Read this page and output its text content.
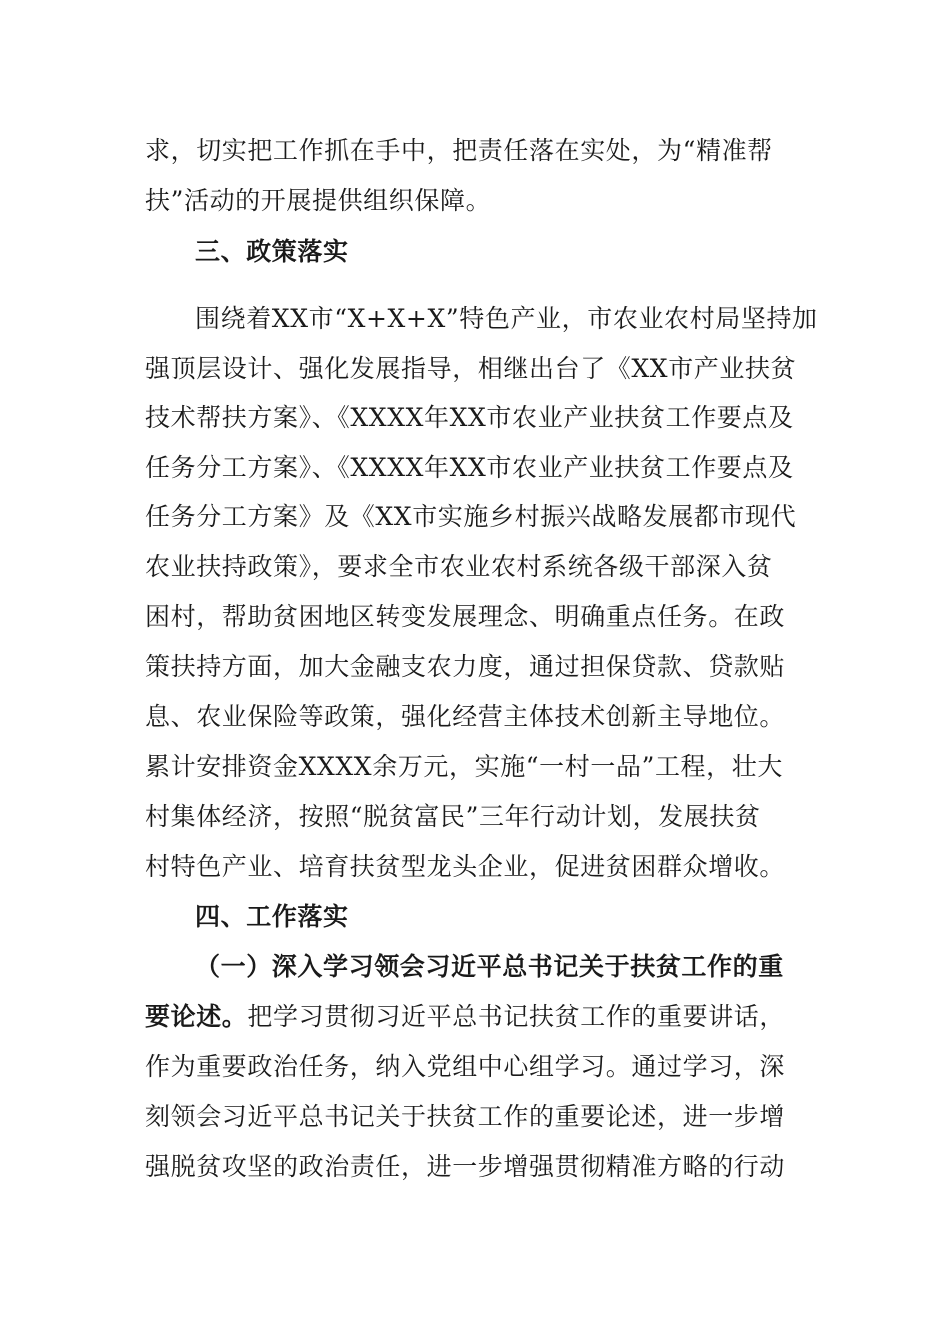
求，切实把工作抓在手中，把责任落在实处，为“精准帮
扶”活动的开展提供组织保障。
三、政策落实
围绕着XX市“X+X+X”特色产业，市农业农村局坚持加
强顶层设计、强化发展指导，相继出台了《XX市产业扶贫
技术帮扶方案》、《XXXX年XX市农业产业扶贫工作要点及
任务分工方案》、《XXXX年XX市农业产业扶贫工作要点及
任务分工方案》及《XX市实施乡村振兴战略发展都市现代
农业扶持政策》，要求全市农业农村系统各级干部深入贫
困村，帮助贫困地区转变发展理念、明确重点任务。在政
策扶持方面，加大金融支农力度，通过担保贷款、贷款贴
息、农业保险等政策，强化经营主体技术创新主导地位。
累计安排资金XXXX余万元，实施“一村一品”工程，壮大
村集体经济，按照“脱贫富民”三年行动计划，发展扶贫
村特色产业、培育扶贫型龙头企业，促进贫困群众增收。
四、工作落实
（一）深入学习领会习近平总书记关于扶贫工作的重
要论述。把学习贯彻习近平总书记扶贫工作的重要讲话，
作为重要政治任务，纳入党组中心组学习。通过学习，深
刻领会习近平总书记关于扶贫工作的重要论述，进一步增
强脱贫攻坚的政治责任，进一步增强贯彻精准方略的行动
